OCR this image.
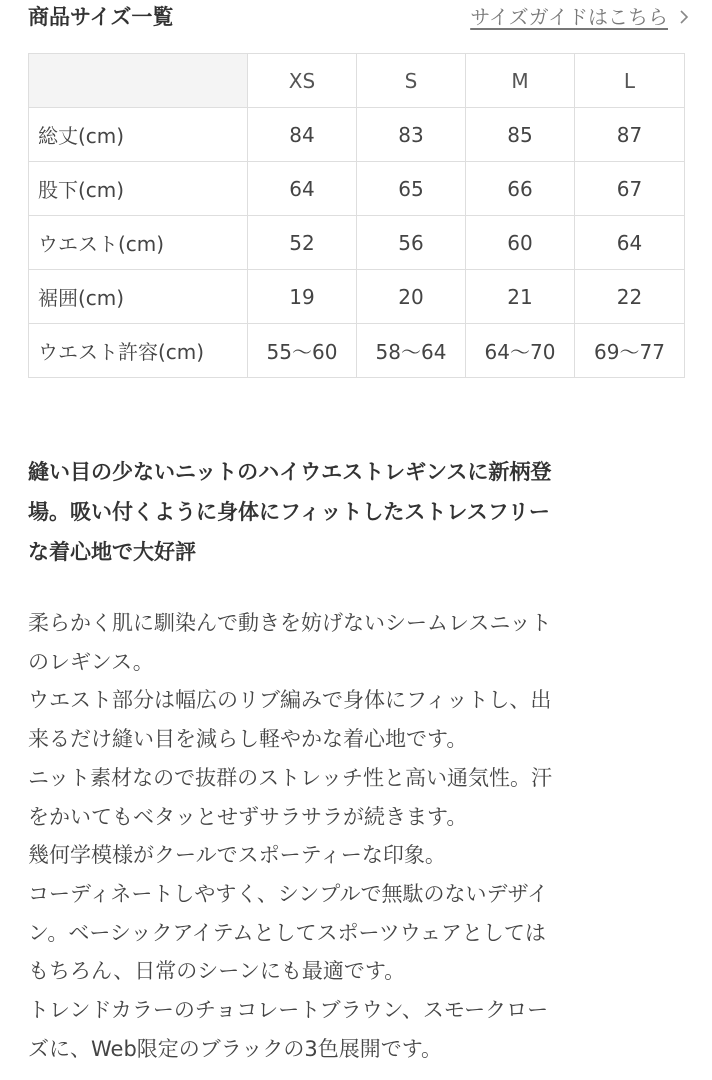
商品サイズ一覧	サイズガイドはこちら
	XS	S	M	L
総丈(cm)	84	83	85	87
股下(cm)	64	65	66	67
ウエスト(cm)	52	56	60	64
裾囲(cm)	19	20	21	22
ウエスト許容(cm)	55〜60	58〜64	64〜70	69〜77
縫い目の少ないニットのハイウエストレギンスに新柄登
場。吸い付くように身体にフィットしたストレスフリー
な着心地で大好評
柔らかく肌に馴染んで動きを妨げないシームレスニット
のレギンス。
ウエスト部分は幅広のリブ編みで身体にフィットし、出
来るだけ縫い目を減らし軽やかな着心地です。
ニット素材なので抜群のストレッチ性と高い通気性。汗
をかいてもベタッとせずサラサラが続きます。
幾何学模様がクールでスポーティーな印象。
コーディネートしやすく、シンプルで無駄のないデザイ
ン。ベーシックアイテムとしてスポーツウェアとしては
もちろん、日常のシーンにも最適です。
トレンドカラーのチョコレートブラウン、スモークロー
ズに、Web限定のブラックの3色展開です。
